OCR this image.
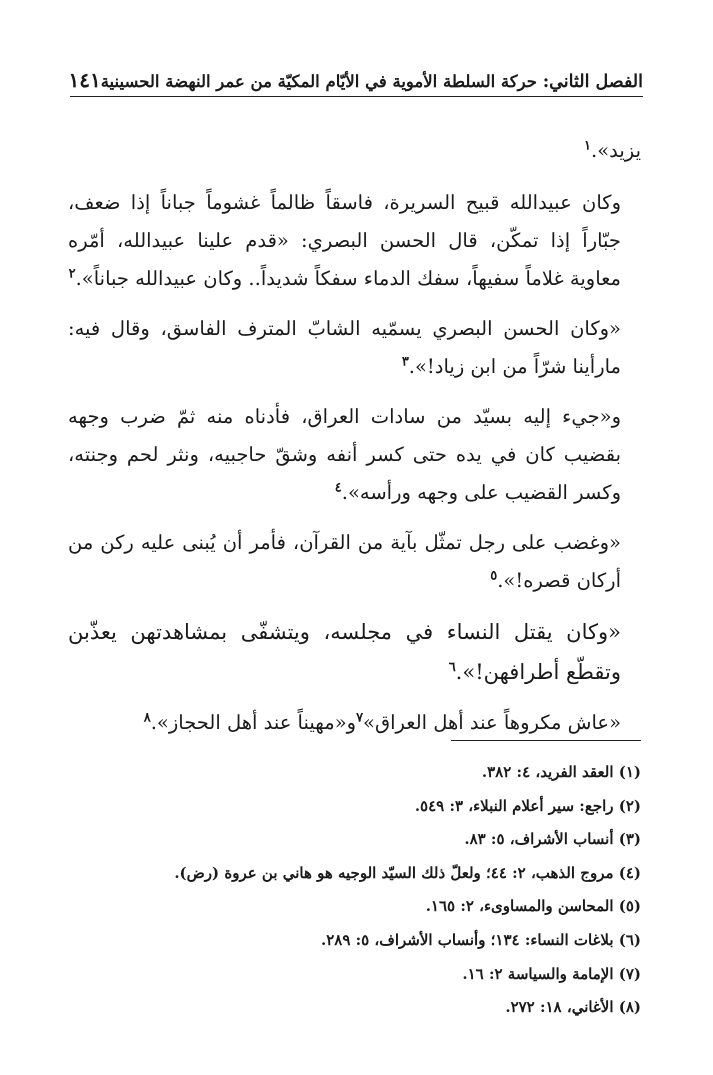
الفصل الثاني: حركة السلطة الأموية في الأيّام المكيّة من عمر النهضة الحسينية
١٤١

يزيد».$^١$

وكان عبيدالله قبيح السريرة، فاسقاً ظالماً غشوماً جباناً إذا ضعف، جبّاراً إذا تمكّن، قال الحسن البصري: «قدم علينا عبيدالله، أمّره معاوية غلاماً سفيهاً، سفك الدماء سفكاً شديداً.. وكان عبيدالله جباناً».$^٢$

«وكان الحسن البصري يسمّيه الشابّ المترف الفاسق، وقال فيه: مارأينا شرّاً من ابن زياد!».$^٣$

و«جيء إليه بسيّد من سادات العراق، فأدناه منه ثمّ ضرب وجهه بقضيب كان في يده حتى كسر أنفه وشقّ حاجبيه، ونثر لحم وجنته، وكسر القضيب على وجهه ورأسه».$^٤$

«وغضب على رجل تمثّل بآية من القرآن، فأمر أن يُبنى عليه ركن من أركان قصره!».$^٥$

«وكان يقتل النساء في مجلسه، ويتشفّى بمشاهدتهن يعذّبن وتقطّع أطرافهن!».$^٦$

«عاش مكروهاً عند أهل العراق»$^٧$و«مهيناً عند أهل الحجاز».$^٨$

(١) العقد الفريد، ٤: ٣٨٢.
(٢) راجع: سير أعلام النبلاء، ٣: ٥٤٩.
(٣) أنساب الأشراف، ٥: ٨٣.
(٤) مروج الذهب، ٢: ٤٤؛ ولعلّ ذلك السيّد الوجيه هو هاني بن عروة (رض).
(٥) المحاسن والمساوىء، ٢: ١٦٥.
(٦) بلاغات النساء: ١٣٤؛ وأنساب الأشراف، ٥: ٢٨٩.
(٧) الإمامة والسياسة ٢: ١٦.
(٨) الأغاني، ١٨: ٢٧٢.
